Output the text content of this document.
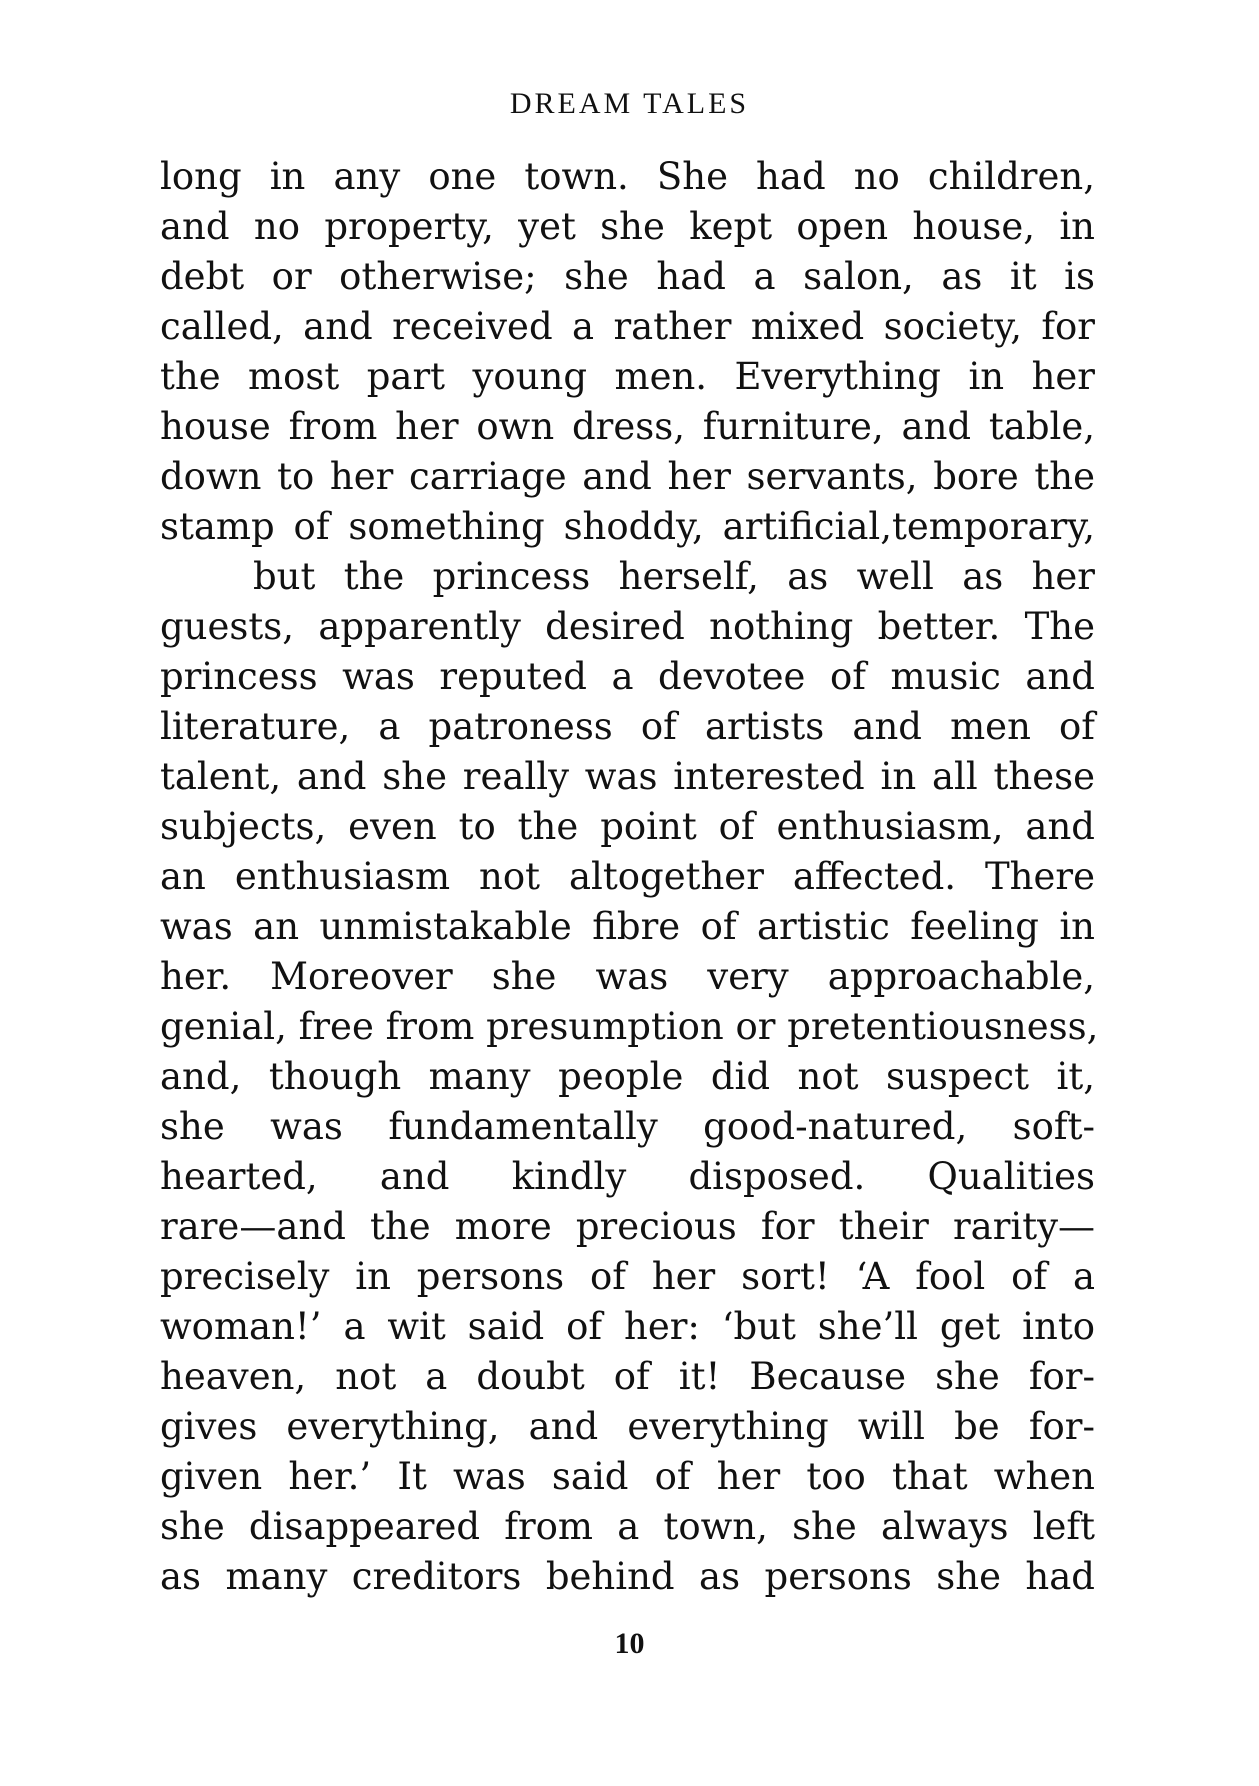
DREAM TALES
long in any one town. She had no children,
and no property, yet she kept open house, in
debt or otherwise; she had a salon, as it is
called, and received a rather mixed society, for
the most part young men. Everything in her
house from her own dress, furniture, and table,
down to her carriage and her servants, bore the
stamp of something shoddy, artificial,temporary,
but the princess herself, as well as her
guests, apparently desired nothing better. The
princess was reputed a devotee of music and
literature, a patroness of artists and men of
talent, and she really was interested in all these
subjects, even to the point of enthusiasm, and
an enthusiasm not altogether affected. There
was an unmistakable fibre of artistic feeling in
her. Moreover she was very approachable,
genial, free from presumption or pretentiousness,
and, though many people did not suspect it,
she was fundamentally good-natured, soft-
hearted, and kindly disposed. Qualities
rare—and the more precious for their rarity—
precisely in persons of her sort! ‘A fool of a
woman!’ a wit said of her: ‘but she’ll get into
heaven, not a doubt of it! Because she for-
gives everything, and everything will be for-
given her.’ It was said of her too that when
she disappeared from a town, she always left
as many creditors behind as persons she had
10
